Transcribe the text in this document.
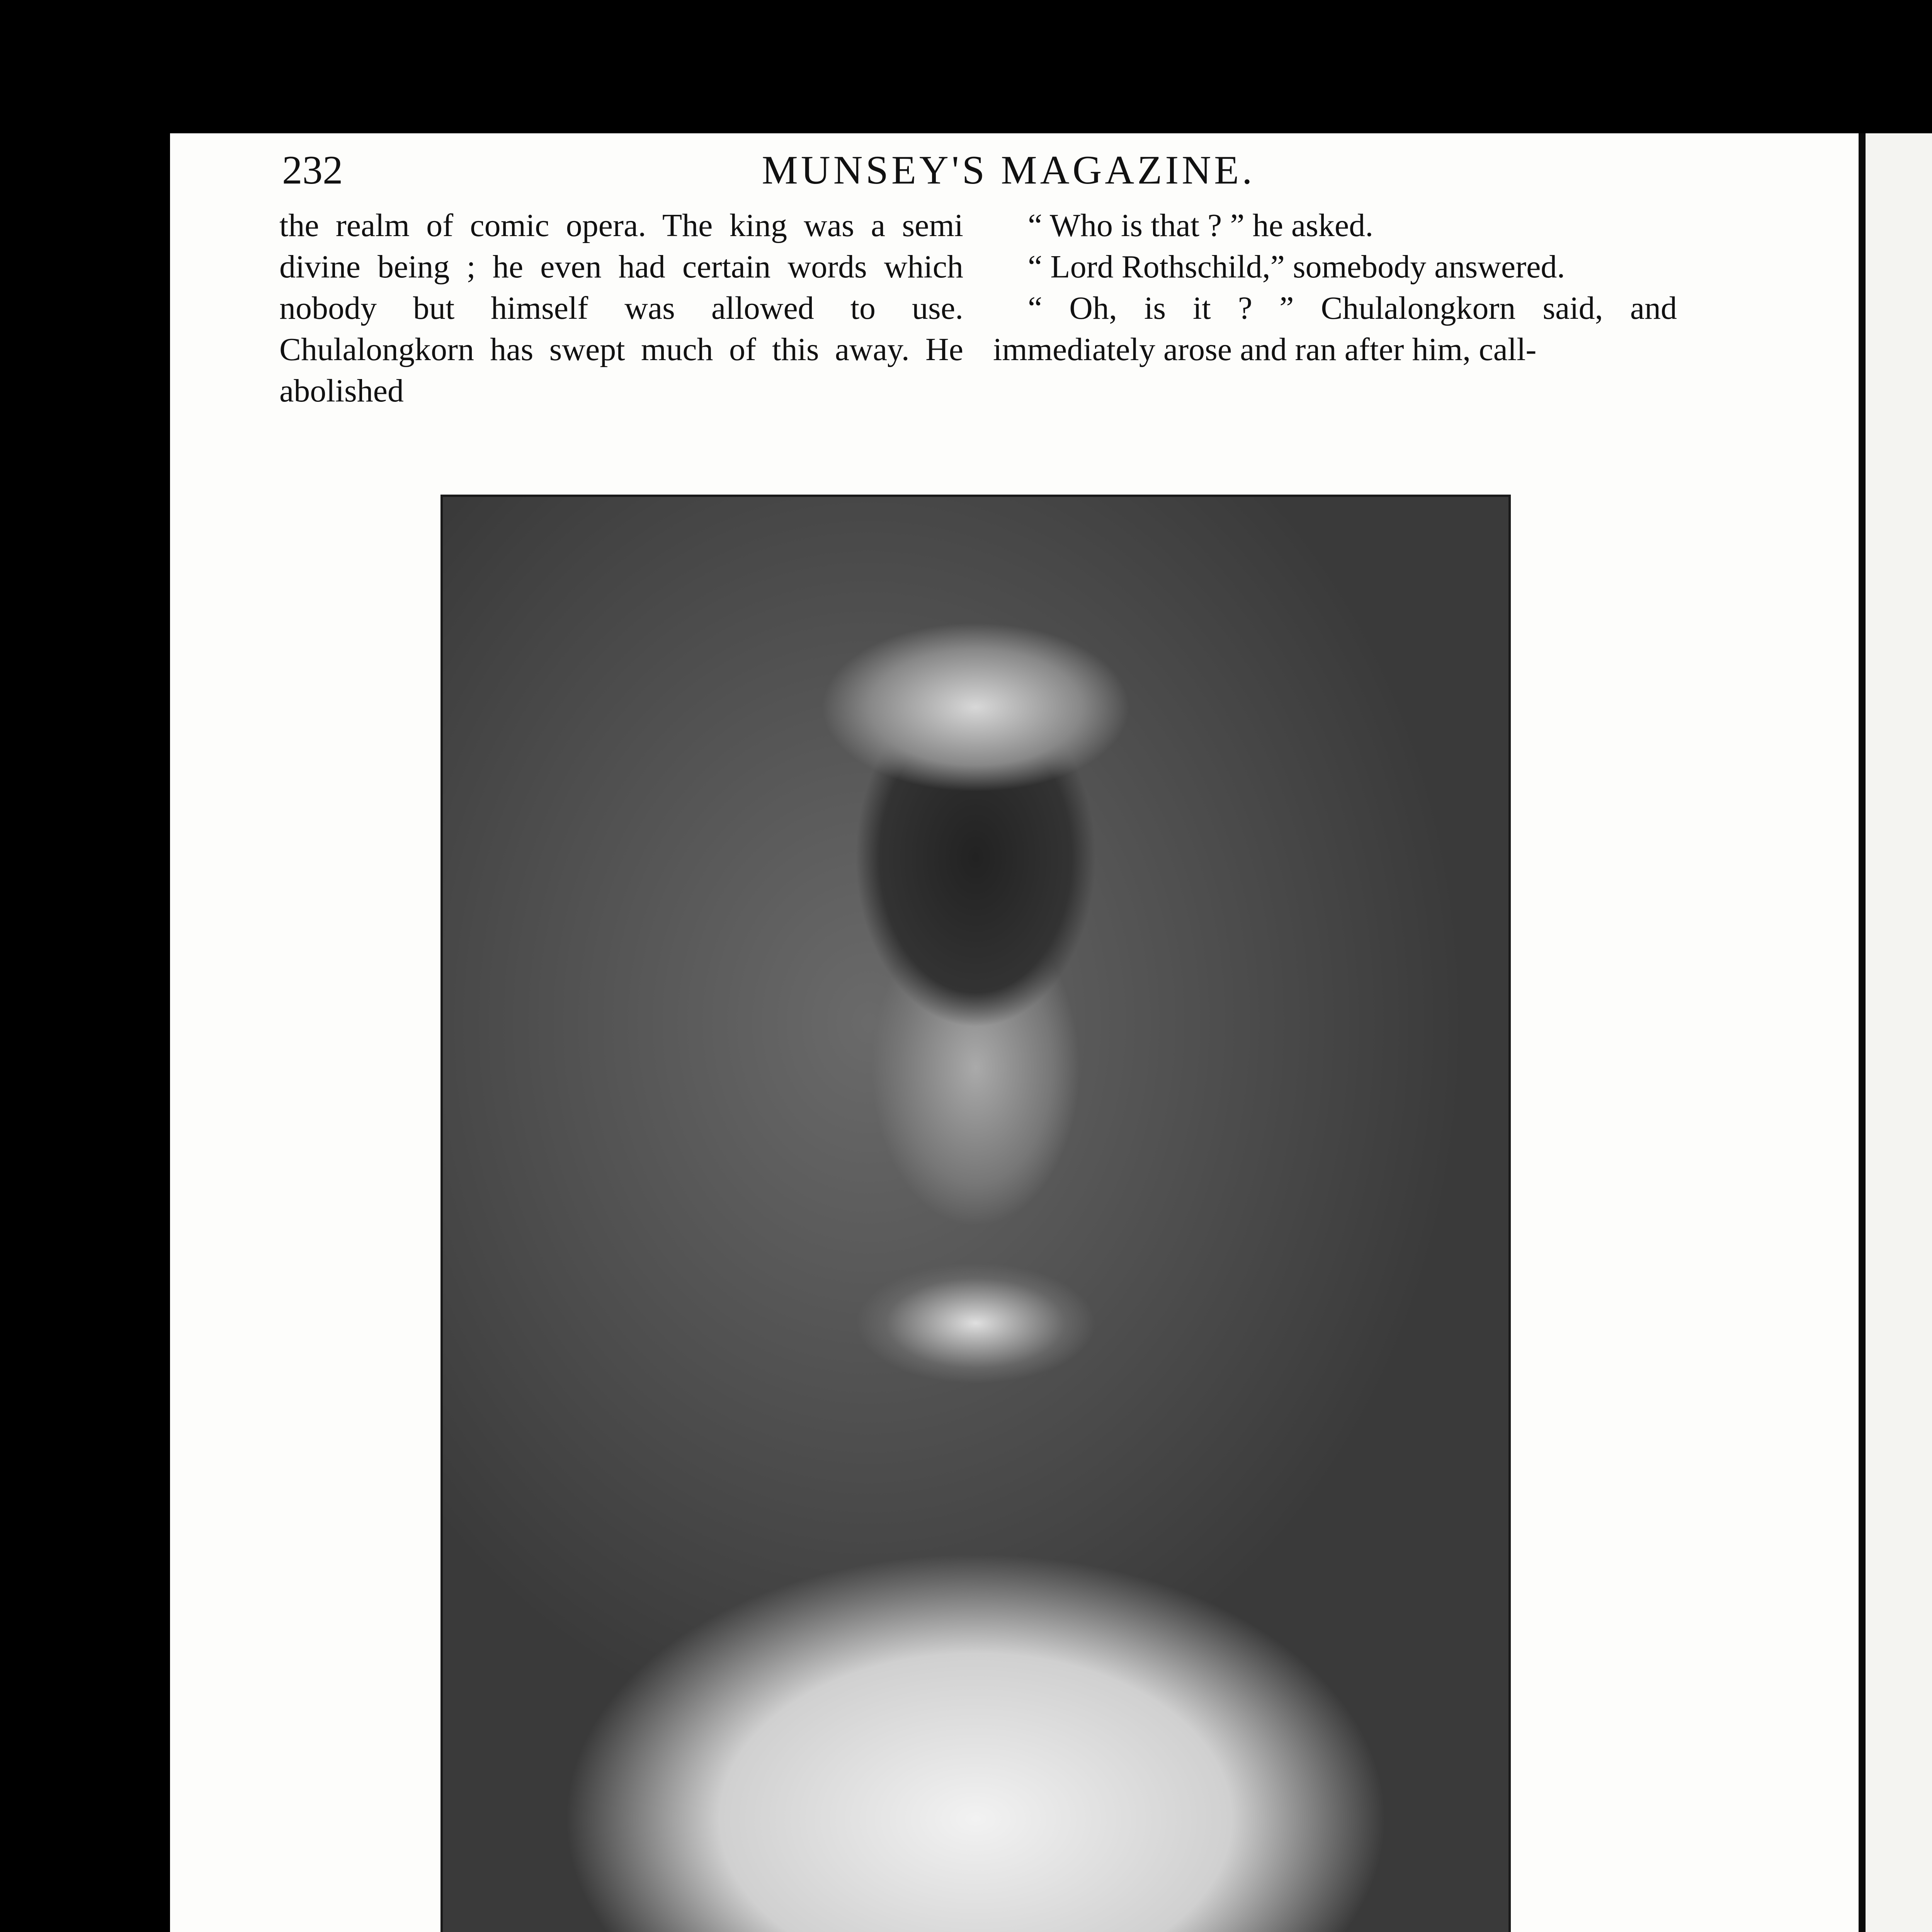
232	MUNSEY'S MAGAZINE.

the realm of comic opera. The king was a semi divine being ; he even had certain words which nobody but himself was allowed to use. Chulalongkorn has swept much of this away. He abolished

“ Who is that ? ” he asked.

“ Lord Rothschild,” somebody answered.

“ Oh, is it ? ” Chulalongkorn said, and immediately arose and ran after him, call-
